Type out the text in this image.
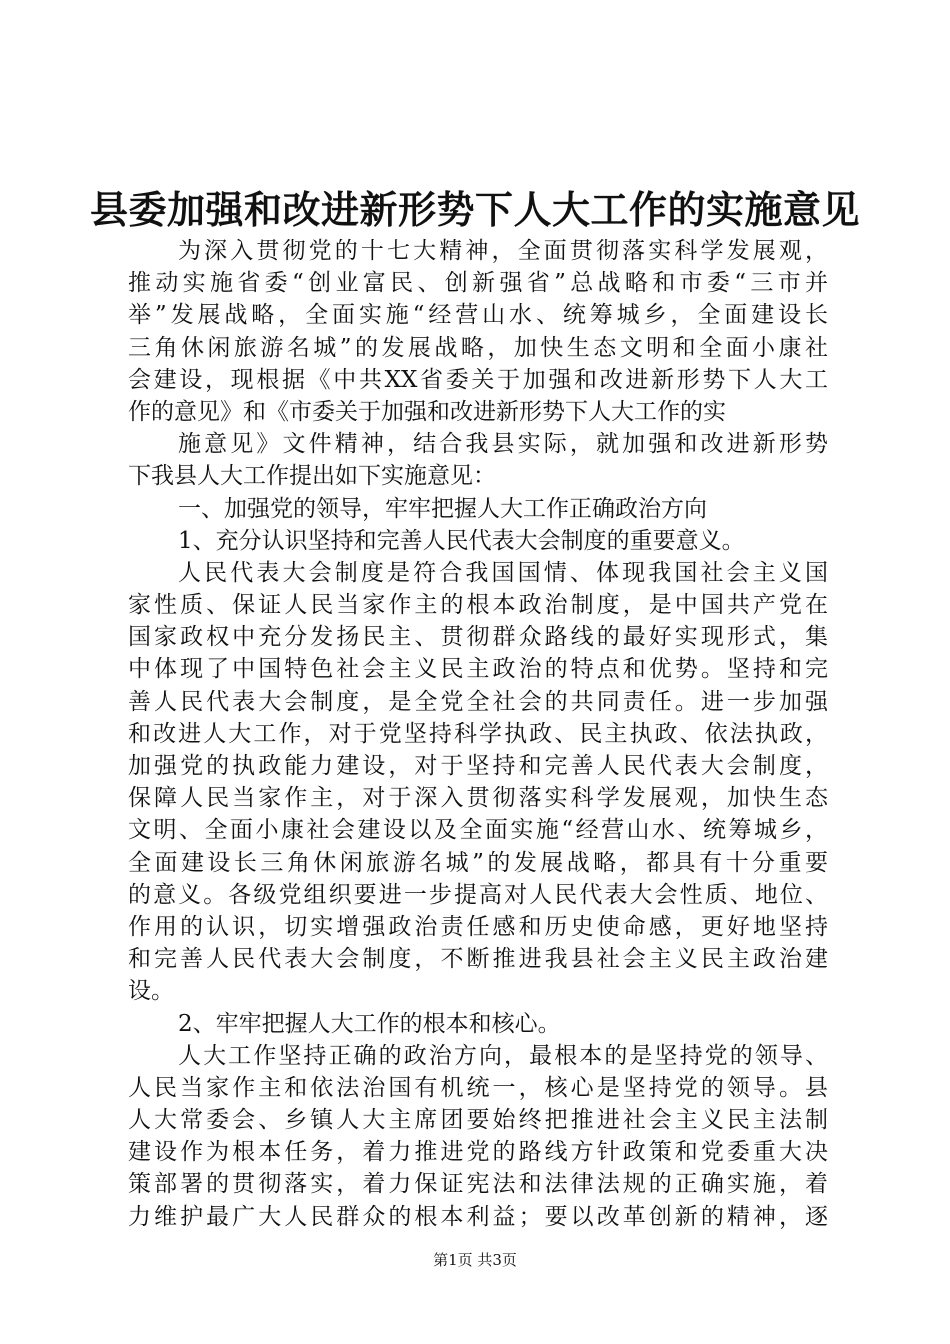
县委加强和改进新形势下人大工作的实施意见
为深入贯彻党的十七大精神，全面贯彻落实科学发展观，
推动实施省委“创业富民、创新强省”总战略和市委“三市并
举”发展战略，全面实施“经营山水、统筹城乡，全面建设长
三角休闲旅游名城”的发展战略，加快生态文明和全面小康社
会建设，现根据《中共XX省委关于加强和改进新形势下人大工
作的意见》和《市委关于加强和改进新形势下人大工作的实
施意见》文件精神，结合我县实际，就加强和改进新形势
下我县人大工作提出如下实施意见：
一、加强党的领导，牢牢把握人大工作正确政治方向
1、充分认识坚持和完善人民代表大会制度的重要意义。
人民代表大会制度是符合我国国情、体现我国社会主义国
家性质、保证人民当家作主的根本政治制度，是中国共产党在
国家政权中充分发扬民主、贯彻群众路线的最好实现形式，集
中体现了中国特色社会主义民主政治的特点和优势。坚持和完
善人民代表大会制度，是全党全社会的共同责任。进一步加强
和改进人大工作，对于党坚持科学执政、民主执政、依法执政，
加强党的执政能力建设，对于坚持和完善人民代表大会制度，
保障人民当家作主，对于深入贯彻落实科学发展观，加快生态
文明、全面小康社会建设以及全面实施“经营山水、统筹城乡，
全面建设长三角休闲旅游名城”的发展战略，都具有十分重要
的意义。各级党组织要进一步提高对人民代表大会性质、地位、
作用的认识，切实增强政治责任感和历史使命感，更好地坚持
和完善人民代表大会制度，不断推进我县社会主义民主政治建
设。
2、牢牢把握人大工作的根本和核心。
人大工作坚持正确的政治方向，最根本的是坚持党的领导、
人民当家作主和依法治国有机统一，核心是坚持党的领导。县
人大常委会、乡镇人大主席团要始终把推进社会主义民主法制
建设作为根本任务，着力推进党的路线方针政策和党委重大决
策部署的贯彻落实，着力保证宪法和法律法规的正确实施，着
力维护最广大人民群众的根本利益；要以改革创新的精神，逐
第1页 共3页
